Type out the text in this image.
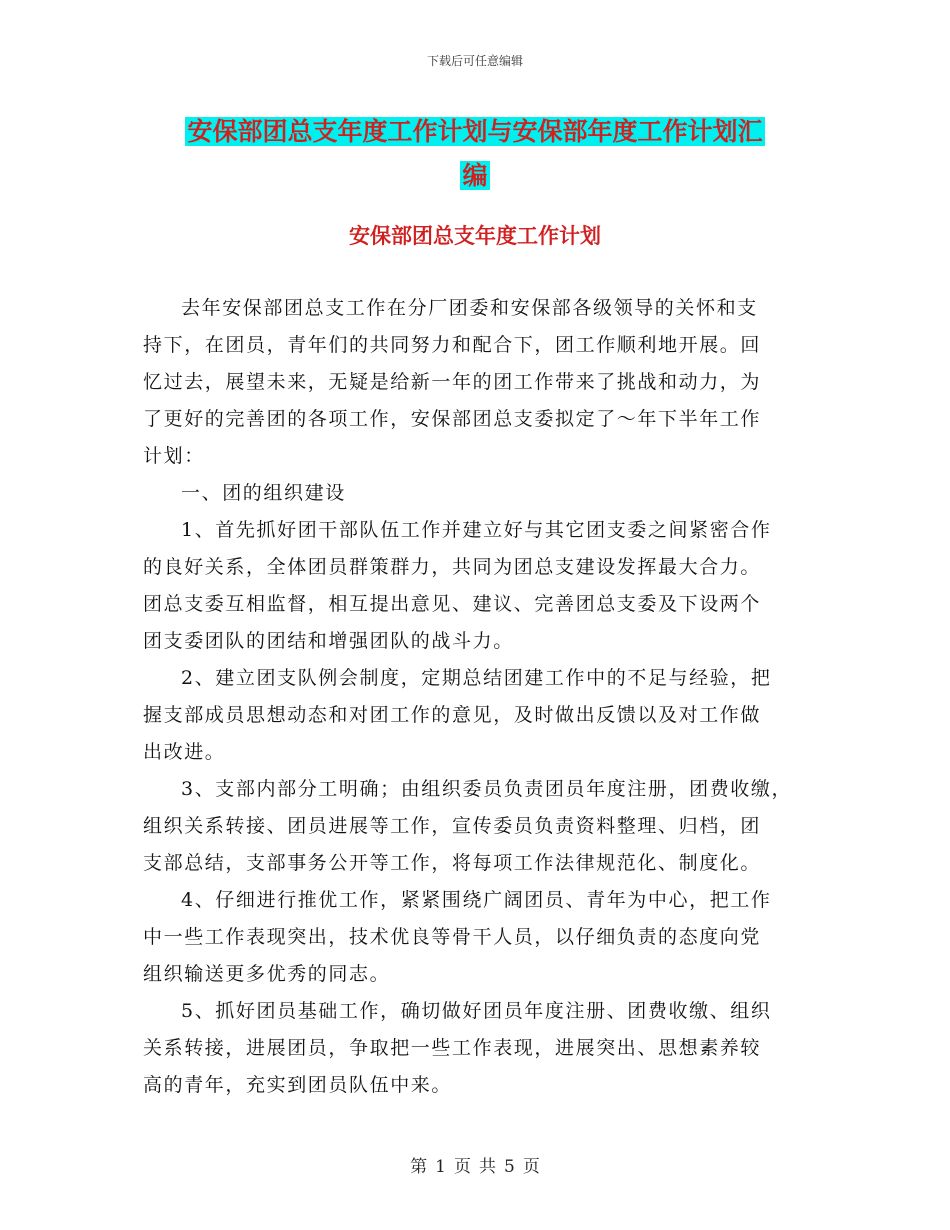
下载后可任意编辑
安保部团总支年度工作计划与安保部年度工作计划汇
编
安保部团总支年度工作计划

去年安保部团总支工作在分厂团委和安保部各级领导的关怀和支
持下，在团员，青年们的共同努力和配合下，团工作顺利地开展。回
忆过去，展望未来，无疑是给新一年的团工作带来了挑战和动力，为
了更好的完善团的各项工作，安保部团总支委拟定了～年下半年工作
计划：

一、团的组织建设

1、首先抓好团干部队伍工作并建立好与其它团支委之间紧密合作
的良好关系，全体团员群策群力，共同为团总支建设发挥最大合力。
团总支委互相监督，相互提出意见、建议、完善团总支委及下设两个
团支委团队的团结和增强团队的战斗力。

2、建立团支队例会制度，定期总结团建工作中的不足与经验，把
握支部成员思想动态和对团工作的意见，及时做出反馈以及对工作做
出改进。

3、支部内部分工明确；由组织委员负责团员年度注册，团费收缴，
组织关系转接、团员进展等工作，宣传委员负责资料整理、归档，团
支部总结，支部事务公开等工作，将每项工作法律规范化、制度化。

4、仔细进行推优工作，紧紧围绕广阔团员、青年为中心，把工作
中一些工作表现突出，技术优良等骨干人员，以仔细负责的态度向党
组织输送更多优秀的同志。

5、抓好团员基础工作，确切做好团员年度注册、团费收缴、组织
关系转接，进展团员，争取把一些工作表现，进展突出、思想素养较
高的青年，充实到团员队伍中来。

第 1 页 共 5 页
